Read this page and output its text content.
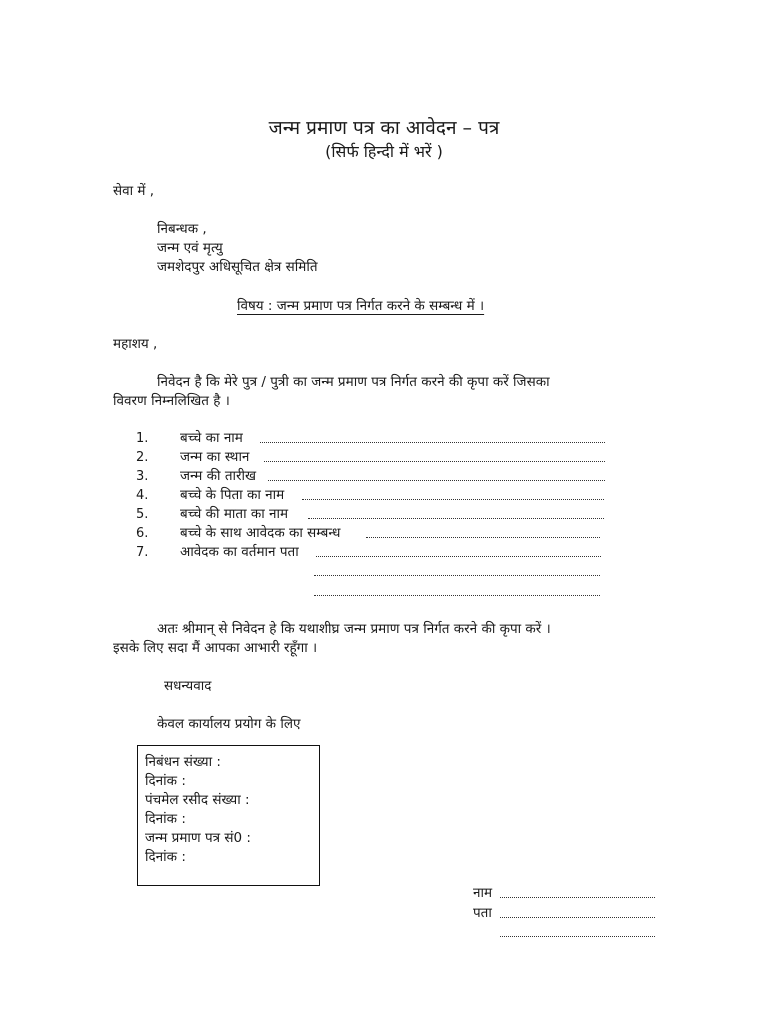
जन्म प्रमाण पत्र का आवेदन – पत्र
(सिर्फ हिन्दी में भरें )
सेवा में ,
निबन्धक ,
जन्म एवं मृत्यु
जमशेदपुर अधिसूचित क्षेत्र समिति
विषय : जन्म प्रमाण पत्र निर्गत करने के सम्बन्ध में ।
महाशय ,
निवेदन है कि मेरे पुत्र / पुत्री का जन्म प्रमाण पत्र निर्गत करने की कृपा करें जिसका
विवरण निम्नलिखित है ।
1. बच्चे का नाम
2. जन्म का स्थान
3. जन्म की तारीख
4. बच्चे के पिता का नाम
5. बच्चे की माता का नाम
6. बच्चे के साथ आवेदक का सम्बन्ध
7. आवेदक का वर्तमान पता
अतः श्रीमान् से निवेदन हे कि यथाशीघ्र जन्म प्रमाण पत्र निर्गत करने की कृपा करें ।
इसके लिए सदा मैं आपका आभारी रहूँगा ।
सधन्यवाद
केवल कार्यालय प्रयोग के लिए
निबंधन संख्या :
दिनांक :
पंचमेल रसीद संख्या :
दिनांक :
जन्म प्रमाण पत्र सं0 :
दिनांक :
नाम
पता
